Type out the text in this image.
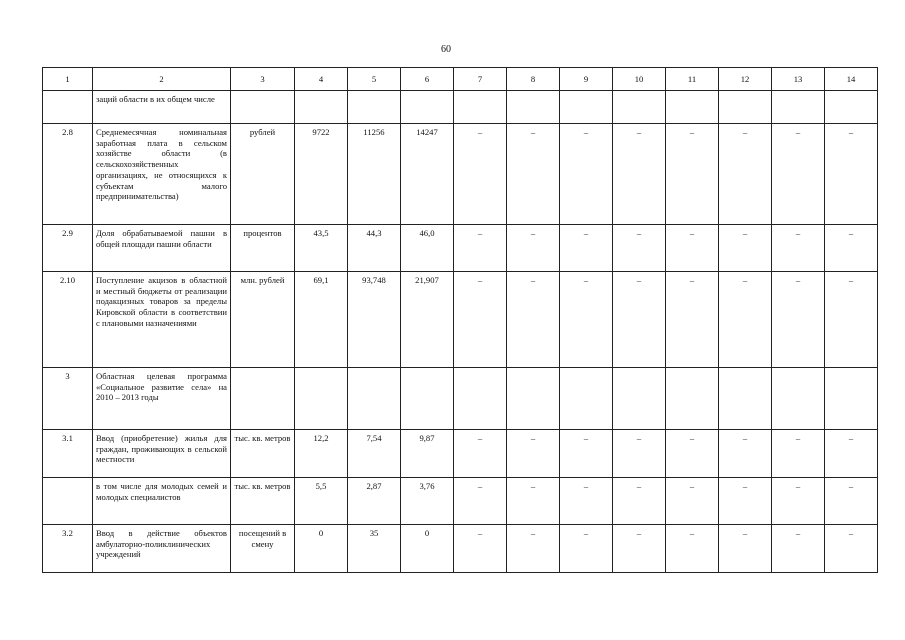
60
1	2	3	4	5	6	7	8	9	10	11	12	13	14
	заций области в их общем числе												
2.8	Среднемесячная номинальная заработная плата в сельском хозяйстве области (в сельскохозяйственных организациях, не относящихся к субъектам малого предпринимательства)	рублей	9722	11256	14247	–	–	–	–	–	–	–	–
2.9	Доля обрабатываемой пашни в общей площади пашни области	процентов	43,5	44,3	46,0	–	–	–	–	–	–	–	–
2.10	Поступление акцизов в областной и местный бюджеты от реализации подакцизных товаров за пределы Кировской области в соответствии с плановыми назначениями	млн. рублей	69,1	93,748	21,907	–	–	–	–	–	–	–	–
3	Областная целевая программа «Социальное развитие села» на 2010 – 2013 годы												
3.1	Ввод (приобретение) жилья для граждан, проживающих в сельской местности	тыс. кв. метров	12,2	7,54	9,87	–	–	–	–	–	–	–	–
	в том числе для молодых семей и молодых специалистов	тыс. кв. метров	5,5	2,87	3,76	–	–	–	–	–	–	–	–
3.2	Ввод в действие объектов амбулаторно-поликлинических учреждений	посещений в смену	0	35	0	–	–	–	–	–	–	–	–
